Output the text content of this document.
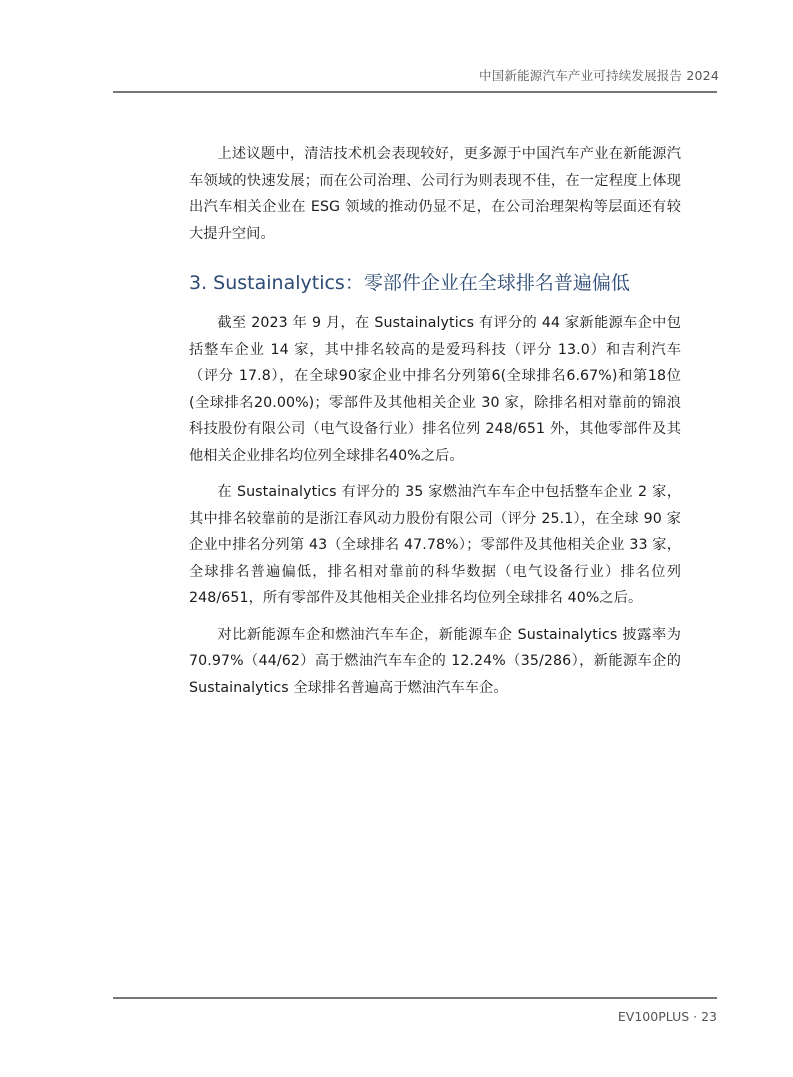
中国新能源汽车产业可持续发展报告 2024

上述议题中，清洁技术机会表现较好，更多源于中国汽车产业在新能源汽车领域的快速发展；而在公司治理、公司行为则表现不佳，在一定程度上体现出汽车相关企业在 ESG 领域的推动仍显不足，在公司治理架构等层面还有较大提升空间。

3. Sustainalytics：零部件企业在全球排名普遍偏低

截至 2023 年 9 月，在 Sustainalytics 有评分的 44 家新能源车企中包括整车企业 14 家，其中排名较高的是爱玛科技（评分 13.0）和吉利汽车（评分 17.8），在全球90家企业中排名分列第6(全球排名6.67%)和第18位(全球排名20.00%)；零部件及其他相关企业 30 家，除排名相对靠前的锦浪科技股份有限公司（电气设备行业）排名位列 248/651 外，其他零部件及其他相关企业排名均位列全球排名40%之后。

在 Sustainalytics 有评分的 35 家燃油汽车车企中包括整车企业 2 家，其中排名较靠前的是浙江春风动力股份有限公司（评分 25.1），在全球 90 家企业中排名分列第 43（全球排名 47.78%）；零部件及其他相关企业 33 家，全球排名普遍偏低，排名相对靠前的科华数据（电气设备行业）排名位列 248/651，所有零部件及其他相关企业排名均位列全球排名 40%之后。

对比新能源车企和燃油汽车车企，新能源车企 Sustainalytics 披露率为 70.97%（44/62）高于燃油汽车车企的 12.24%（35/286），新能源车企的 Sustainalytics 全球排名普遍高于燃油汽车车企。

EV100PLUS · 23
